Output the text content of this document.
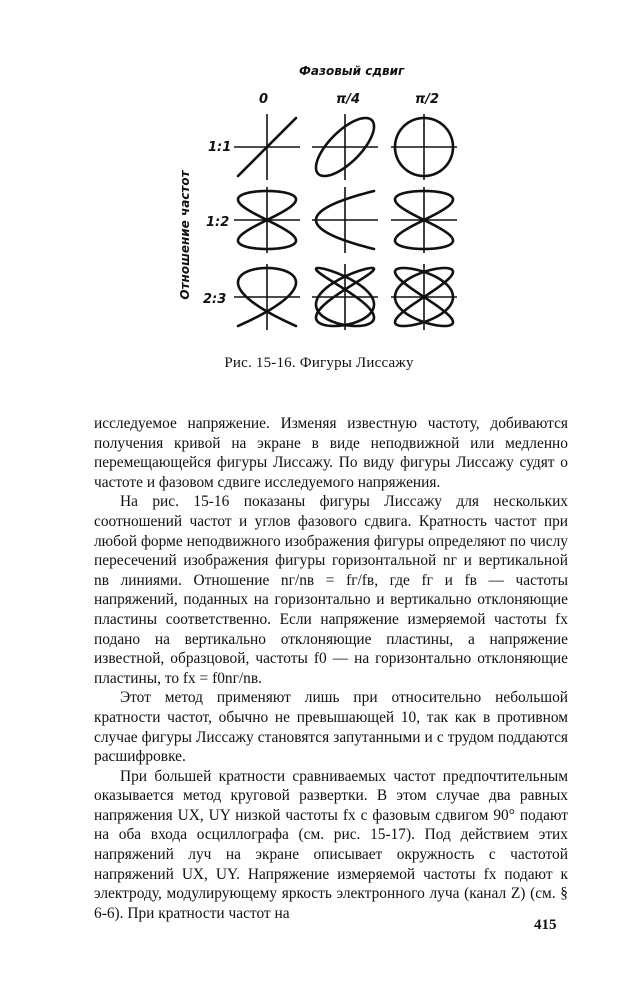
Фазовый сдвиг
0	π/4	π/2
1:1
1:2
2:3
Отношение частот
Рис. 15-16. Фигуры Лиссажу

исследуемое напряжение. Изменяя известную частоту, добиваются получения кривой на экране в виде неподвижной или медленно перемещающейся фигуры Лиссажу. По виду фигуры Лиссажу судят о частоте и фазовом сдвиге исследуемого напряжения.

На рис. 15-16 показаны фигуры Лиссажу для нескольких соотношений частот и углов фазового сдвига. Кратность частот при любой форме неподвижного изображения фигуры определяют по числу пересечений изображения фигуры горизонтальной nг и вертикальной nв линиями. Отношение nг/nв = fг/fв, где fг и fв — частоты напряжений, поданных на горизонтально и вертикально отклоняющие пластины соответственно. Если напряжение измеряемой частоты fx подано на вертикально отклоняющие пластины, а напряжение известной, образцовой, частоты f0 — на горизонтально отклоняющие пластины, то fx = f0nг/nв.

Этот метод применяют лишь при относительно небольшой кратности частот, обычно не превышающей 10, так как в противном случае фигуры Лиссажу становятся запутанными и с трудом поддаются расшифровке.

При большей кратности сравниваемых частот предпочтительным оказывается метод круговой развертки. В этом случае два равных напряжения UX, UY низкой частоты fx с фазовым сдвигом 90° подают на оба входа осциллографа (см. рис. 15-17). Под действием этих напряжений луч на экране описывает окружность с частотой напряжений UX, UY. Напряжение измеряемой частоты fx подают к электроду, модулирующему яркость электронного луча (канал Z) (см. § 6-6). При кратности частот на

415
